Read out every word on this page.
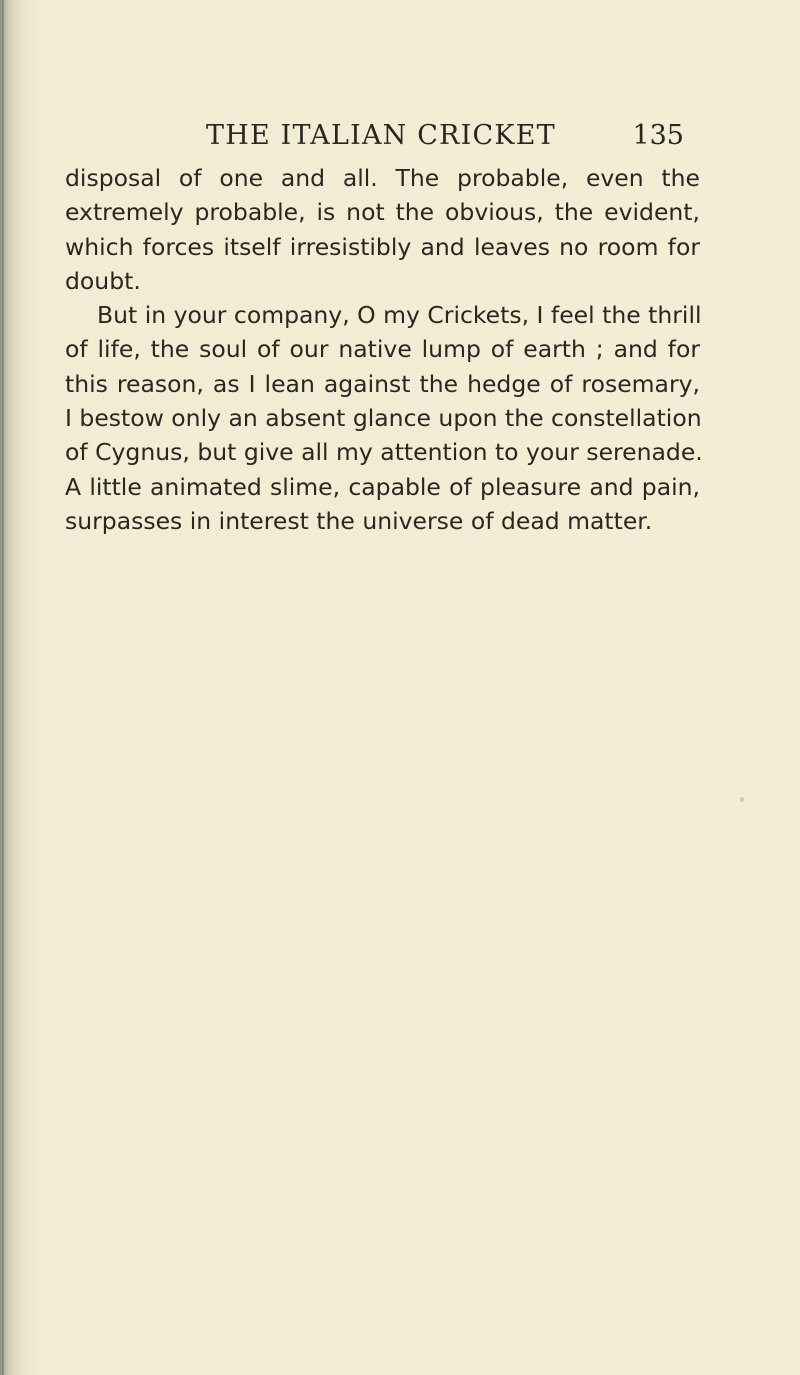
THE ITALIAN CRICKET	135

disposal of one and all. The probable, even the
extremely probable, is not the obvious, the evident,
which forces itself irresistibly and leaves no room for
doubt.

But in your company, O my Crickets, I feel the thrill
of life, the soul of our native lump of earth ; and for
this reason, as I lean against the hedge of rosemary,
I bestow only an absent glance upon the constellation
of Cygnus, but give all my attention to your serenade.
A little animated slime, capable of pleasure and pain,
surpasses in interest the universe of dead matter.
